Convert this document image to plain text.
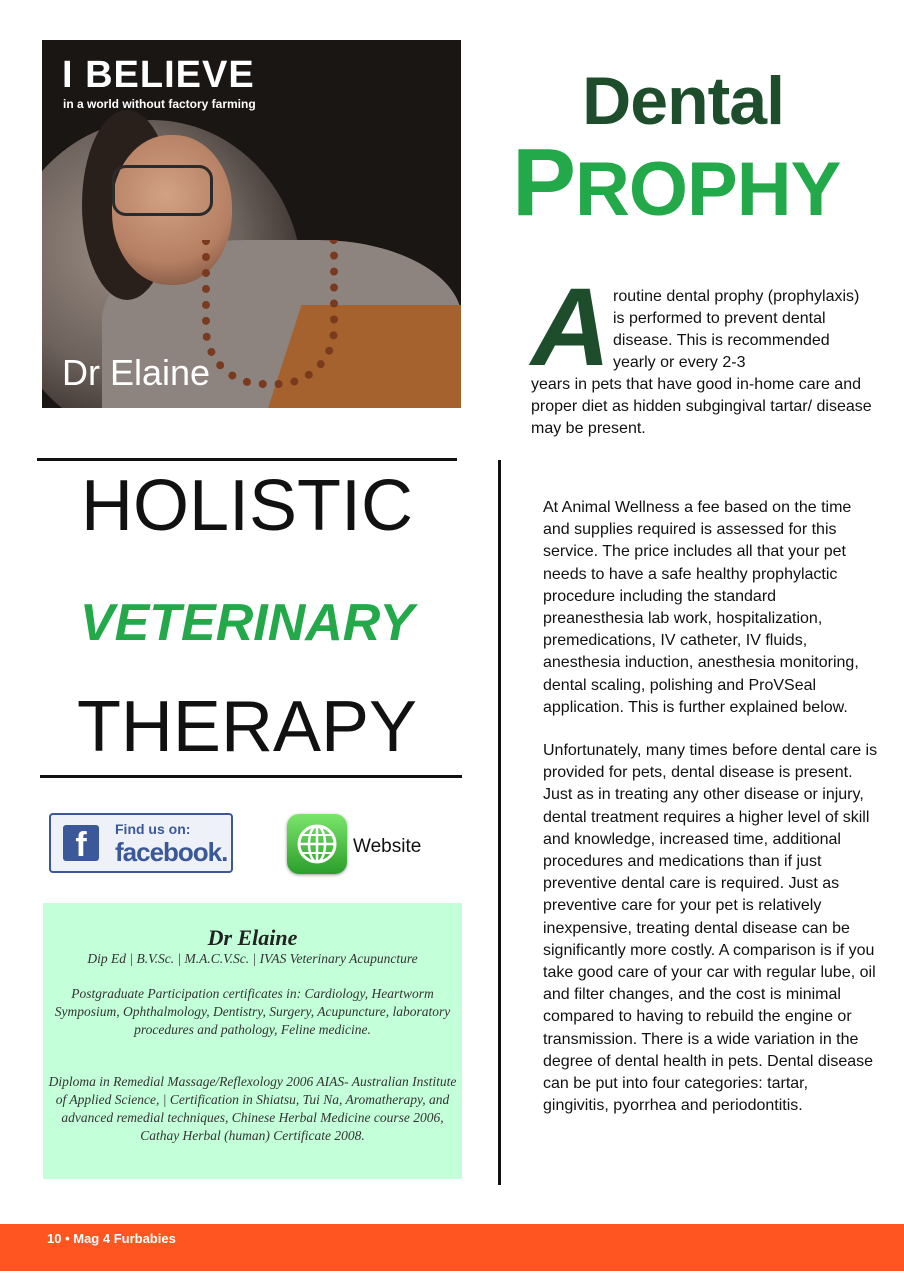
I BELIEVE
in a world without factory farming
Dr Elaine
Dental
PROPHY
A routine dental prophy (prophylaxis) is performed to prevent dental disease. This is recommended yearly or every 2-3
years in pets that have good in-home care and proper diet as hidden subgingival tartar/ disease may be present.
HOLISTIC
VETERINARY
THERAPY
f	Find us on:
facebook.	Website
Dr Elaine
Dip Ed | B.V.Sc. | M.A.C.V.Sc. | IVAS Veterinary Acupuncture
Postgraduate Participation certificates in: Cardiology, Heartworm Symposium, Ophthalmology, Dentistry, Surgery, Acupuncture, laboratory procedures and pathology, Feline medicine.
Diploma in Remedial Massage/Reflexology 2006 AIAS- Australian Institute of Applied Science, | Certification in Shiatsu, Tui Na, Aromatherapy, and advanced remedial techniques, Chinese Herbal Medicine course 2006, Cathay Herbal (human) Certificate 2008.
At Animal Wellness a fee based on the time and supplies required is assessed for this service. The price includes all that your pet needs to have a safe healthy prophylactic procedure including the standard preanesthesia lab work, hospitalization, premedications, IV catheter, IV fluids, anesthesia induction, anesthesia monitoring, dental scaling, polishing and ProVSeal application. This is further explained below.
Unfortunately, many times before dental care is provided for pets, dental disease is present. Just as in treating any other disease or injury, dental treatment requires a higher level of skill and knowledge, increased time, additional procedures and medications than if just preventive dental care is required. Just as preventive care for your pet is relatively inexpensive, treating dental disease can be significantly more costly. A comparison is if you take good care of your car with regular lube, oil and filter changes, and the cost is minimal compared to having to rebuild the engine or transmission. There is a wide variation in the degree of dental health in pets. Dental disease can be put into four categories: tartar, gingivitis, pyorrhea and periodontitis.
10 • Mag 4 Furbabies
